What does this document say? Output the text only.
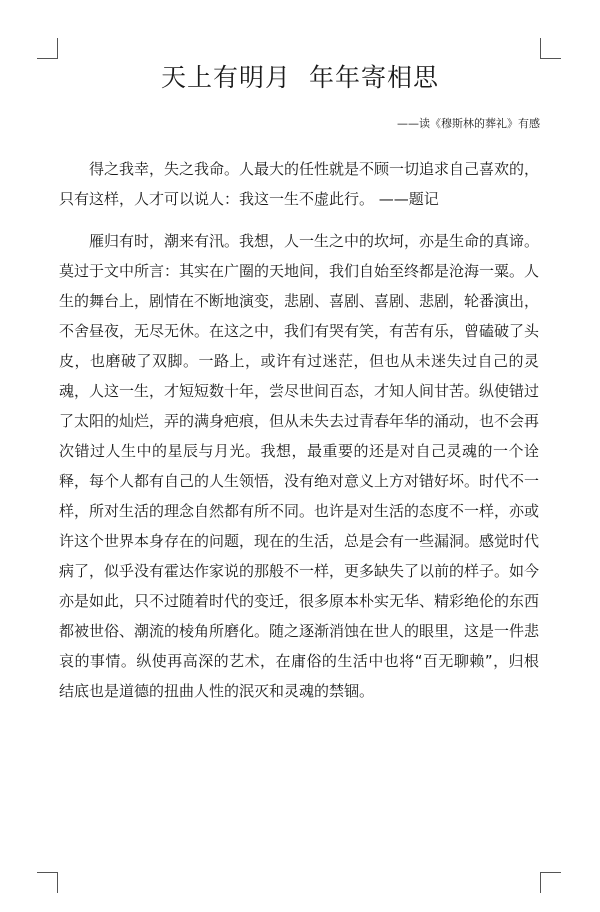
天上有明月  年年寄相思
——读《穆斯林的葬礼》有感

得之我幸，失之我命。人最大的任性就是不顾一切追求自己喜欢的，只有这样，人才可以说人：我这一生不虚此行。 ——题记

雁归有时，潮来有汛。我想，人一生之中的坎坷，亦是生命的真谛。莫过于文中所言：其实在广圈的天地间，我们自始至终都是沧海一粟。人生的舞台上，剧情在不断地演变，悲剧、喜剧、喜剧、悲剧，轮番演出，不舍昼夜，无尽无休。在这之中，我们有哭有笑，有苦有乐，曾磕破了头皮，也磨破了双脚。一路上，或许有过迷茫，但也从未迷失过自己的灵魂，人这一生，才短短数十年，尝尽世间百态，才知人间甘苦。纵使错过了太阳的灿烂，弄的满身疤痕，但从未失去过青春年华的涌动，也不会再次错过人生中的星辰与月光。我想，最重要的还是对自己灵魂的一个诠释，每个人都有自己的人生领悟，没有绝对意义上方对错好坏。时代不一样，所对生活的理念自然都有所不同。也许是对生活的态度不一样，亦或许这个世界本身存在的问题，现在的生活，总是会有一些漏洞。感觉时代病了，似乎没有霍达作家说的那般不一样，更多缺失了以前的样子。如今亦是如此，只不过随着时代的变迁，很多原本朴实无华、精彩绝伦的东西都被世俗、潮流的棱角所磨化。随之逐渐消蚀在世人的眼里，这是一件悲哀的事情。纵使再高深的艺术，在庸俗的生活中也将“百无聊赖”，归根结底也是道德的扭曲人性的泯灭和灵魂的禁锢。
